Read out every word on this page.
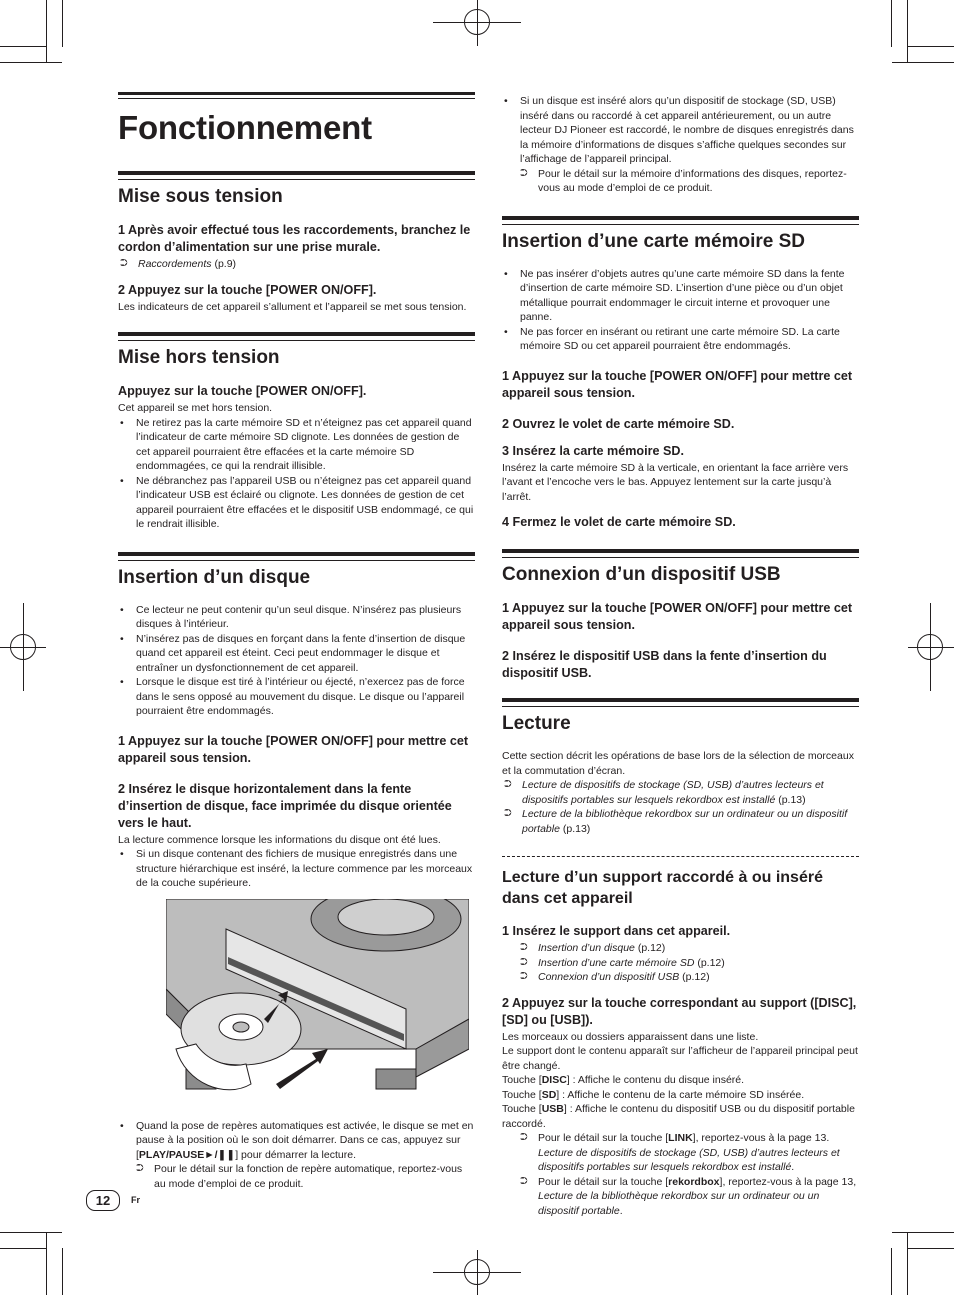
Fonctionnement
Mise sous tension

1 Après avoir effectué tous les raccordements, branchez le cordon d’alimentation sur une prise murale.

⮊ Raccordements (p.9)

2 Appuyez sur la touche [POWER ON/OFF].

Les indicateurs de cet appareil s’allument et l’appareil se met sous tension.

Mise hors tension

Appuyez sur la touche [POWER ON/OFF].

Cet appareil se met hors tension.

• Ne retirez pas la carte mémoire SD et n’éteignez pas cet appareil quand l’indicateur de carte mémoire SD clignote. Les données de gestion de cet appareil pourraient être effacées et la carte mémoire SD endommagées, ce qui la rendrait illisible.
• Ne débranchez pas l’appareil USB ou n’éteignez pas cet appareil quand l’indicateur USB est éclairé ou clignote. Les données de gestion de cet appareil pourraient être effacées et le dispositif USB endommagé, ce qui le rendrait illisible.
Insertion d’un disque
• Ce lecteur ne peut contenir qu’un seul disque. N’insérez pas plusieurs disques à l’intérieur.
• N’insérez pas de disques en forçant dans la fente d’insertion de disque quand cet appareil est éteint. Ceci peut endommager le disque et entraîner un dysfonctionnement de cet appareil.
• Lorsque le disque est tiré à l’intérieur ou éjecté, n’exercez pas de force dans le sens opposé au mouvement du disque. Le disque ou l’appareil pourraient être endommagés.

1 Appuyez sur la touche [POWER ON/OFF] pour mettre cet appareil sous tension.

2 Insérez le disque horizontalement dans la fente d’insertion de disque, face imprimée du disque orientée vers le haut.

La lecture commence lorsque les informations du disque ont été lues.

• Si un disque contenant des fichiers de musique enregistrés dans une structure hiérarchique est inséré, la lecture commence par les morceaux de la couche supérieure.
• Quand la pose de repères automatiques est activée, le disque se met en pause à la position où le son doit démarrer. Dans ce cas, appuyez sur [PLAY/PAUSE►/❚❚] pour démarrer la lecture.
⮊ Pour le détail sur la fonction de repère automatique, reportez-vous au mode d’emploi de ce produit.
• Si un disque est inséré alors qu’un dispositif de stockage (SD, USB) inséré dans ou raccordé à cet appareil antérieurement, ou un autre lecteur DJ Pioneer est raccordé, le nombre de disques enregistrés dans la mémoire d’informations de disques s’affiche quelques secondes sur l’affichage de l’appareil principal.
⮊ Pour le détail sur la mémoire d’informations des disques, reportez-vous au mode d’emploi de ce produit.
Insertion d’une carte mémoire SD
• Ne pas insérer d’objets autres qu’une carte mémoire SD dans la fente d’insertion de carte mémoire SD. L’insertion d’une pièce ou d’un objet métallique pourrait endommager le circuit interne et provoquer une panne.
• Ne pas forcer en insérant ou retirant une carte mémoire SD. La carte mémoire SD ou cet appareil pourraient être endommagés.

1 Appuyez sur la touche [POWER ON/OFF] pour mettre cet appareil sous tension.

2 Ouvrez le volet de carte mémoire SD.

3 Insérez la carte mémoire SD.

Insérez la carte mémoire SD à la verticale, en orientant la face arrière vers l’avant et l’encoche vers le bas. Appuyez lentement sur la carte jusqu’à l’arrêt.

4 Fermez le volet de carte mémoire SD.

Connexion d’un dispositif USB

1 Appuyez sur la touche [POWER ON/OFF] pour mettre cet appareil sous tension.

2 Insérez le dispositif USB dans la fente d’insertion du dispositif USB.

Lecture

Cette section décrit les opérations de base lors de la sélection de morceaux et la commutation d’écran.

⮊ Lecture de dispositifs de stockage (SD, USB) d’autres lecteurs et dispositifs portables sur lesquels rekordbox est installé (p.13)
⮊ Lecture de la bibliothèque rekordbox sur un ordinateur ou un dispositif portable (p.13)
Lecture d’un support raccordé à ou inséré dans cet appareil

1 Insérez le support dans cet appareil.

⮊ Insertion d’un disque (p.12)
⮊ Insertion d’une carte mémoire SD (p.12)
⮊ Connexion d’un dispositif USB (p.12)

2 Appuyez sur la touche correspondant au support ([DISC], [SD] ou [USB]).

Les morceaux ou dossiers apparaissent dans une liste.

Le support dont le contenu apparaît sur l’afficheur de l’appareil principal peut être changé.

Touche [DISC] : Affiche le contenu du disque inséré.

Touche [SD] : Affiche le contenu de la carte mémoire SD insérée.

Touche [USB] : Affiche le contenu du dispositif USB ou du dispositif portable raccordé.

⮊ Pour le détail sur la touche [LINK], reportez-vous à la page 13. Lecture de dispositifs de stockage (SD, USB) d’autres lecteurs et dispositifs portables sur lesquels rekordbox est installé.
⮊ Pour le détail sur la touche [rekordbox], reportez-vous à la page 13, Lecture de la bibliothèque rekordbox sur un ordinateur ou un dispositif portable.
12	Fr
